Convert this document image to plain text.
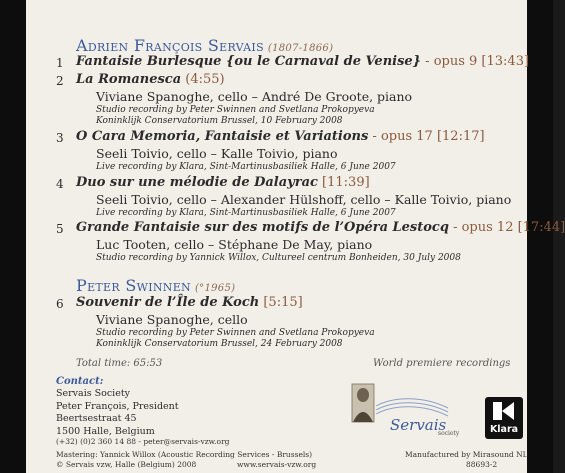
Adrien François Servais (1807-1866)
1 Fantaisie Burlesque {ou le Carnaval de Venise} - opus 9 [13:43]
2 La Romanesca (4:55)
Viviane Spanoghe, cello – André De Groote, piano
Studio recording by Peter Swinnen and Svetlana Prokopyeva
Koninklijk Conservatorium Brussel, 10 February 2008
3 O Cara Memoria, Fantaisie et Variations - opus 17 [12:17]
Seeli Toivio, cello – Kalle Toivio, piano
Live recording by Klara, Sint-Martinusbasiliek Halle, 6 June 2007
4 Duo sur une mélodie de Dalayrac [11:39]
Seeli Toivio, cello – Alexander Hülshoff, cello – Kalle Toivio, piano
Live recording by Klara, Sint-Martinusbasiliek Halle, 6 June 2007
5 Grande Fantaisie sur des motifs de l’Opéra Lestocq - opus 12 [17:44]
Luc Tooten, cello – Stéphane De May, piano
Studio recording by Yannick Willox, Cultureel centrum Bonheiden, 30 July 2008
Peter Swinnen (°1965)
6 Souvenir de l’Île de Koch [5:15]
Viviane Spanoghe, cello
Studio recording by Peter Swinnen and Svetlana Prokopyeva
Koninklijk Conservatorium Brussel, 24 February 2008
Total time: 65:53	World premiere recordings
Contact:
Servais Society
Peter François, President
Beertsestraat 45
1500 Halle, Belgium
(+32) (0)2 360 14 88 - peter@servais-vzw.org
Servais
society	Klara
Mastering: Yannick Willox (Acoustic Recording Services - Brussels)
© Servais vzw, Halle (Belgium) 2008	www.servais-vzw.org
Manufactured by Mirasound NL
88693-2
